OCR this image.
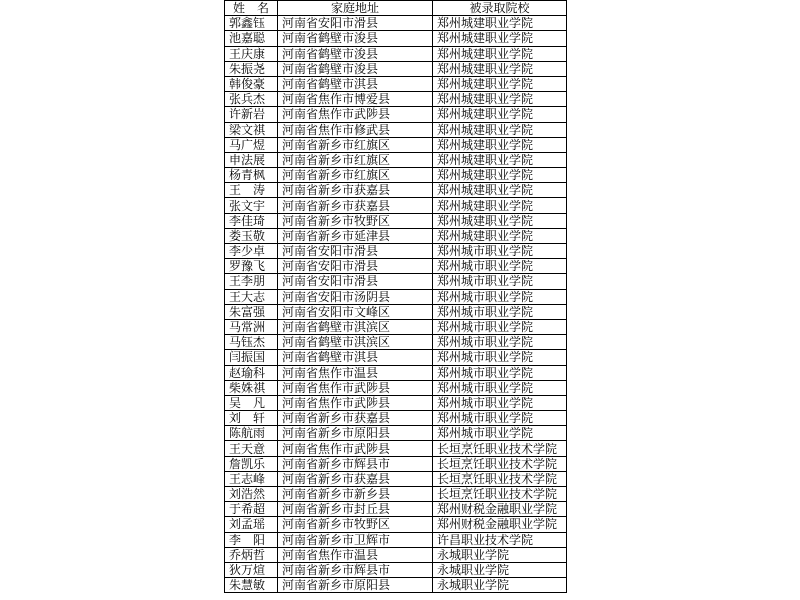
姓　名	家庭地址	被录取院校
郭鑫钰	河南省安阳市滑县	郑州城建职业学院
池嘉聪	河南省鹤壁市浚县	郑州城建职业学院
王庆康	河南省鹤壁市浚县	郑州城建职业学院
朱振尧	河南省鹤壁市浚县	郑州城建职业学院
韩俊豪	河南省鹤壁市淇县	郑州城建职业学院
张兵杰	河南省焦作市博爱县	郑州城建职业学院
许新岩	河南省焦作市武陟县	郑州城建职业学院
梁文祺	河南省焦作市修武县	郑州城建职业学院
马广煜	河南省新乡市红旗区	郑州城建职业学院
申法展	河南省新乡市红旗区	郑州城建职业学院
杨青枫	河南省新乡市红旗区	郑州城建职业学院
王　涛	河南省新乡市获嘉县	郑州城建职业学院
张文宇	河南省新乡市获嘉县	郑州城建职业学院
李佳琦	河南省新乡市牧野区	郑州城建职业学院
娄玉敬	河南省新乡市延津县	郑州城建职业学院
李少卓	河南省安阳市滑县	郑州城市职业学院
罗豫飞	河南省安阳市滑县	郑州城市职业学院
王李朋	河南省安阳市滑县	郑州城市职业学院
王大志	河南省安阳市汤阴县	郑州城市职业学院
朱富强	河南省安阳市文峰区	郑州城市职业学院
马常洲	河南省鹤壁市淇滨区	郑州城市职业学院
马钰杰	河南省鹤壁市淇滨区	郑州城市职业学院
闫振国	河南省鹤壁市淇县	郑州城市职业学院
赵瑜科	河南省焦作市温县	郑州城市职业学院
柴姝祺	河南省焦作市武陟县	郑州城市职业学院
吴　凡	河南省焦作市武陟县	郑州城市职业学院
刘　轩	河南省新乡市获嘉县	郑州城市职业学院
陈航雨	河南省新乡市原阳县	郑州城市职业学院
王天意	河南省焦作市武陟县	长垣烹饪职业技术学院
詹凯乐	河南省新乡市辉县市	长垣烹饪职业技术学院
王志峰	河南省新乡市获嘉县	长垣烹饪职业技术学院
刘浩然	河南省新乡市新乡县	长垣烹饪职业技术学院
于希超	河南省新乡市封丘县	郑州财税金融职业学院
刘孟瑶	河南省新乡市牧野区	郑州财税金融职业学院
李　阳	河南省新乡市卫辉市	许昌职业技术学院
乔炳哲	河南省焦作市温县	永城职业学院
狄万煊	河南省新乡市辉县市	永城职业学院
朱慧敏	河南省新乡市原阳县	永城职业学院
